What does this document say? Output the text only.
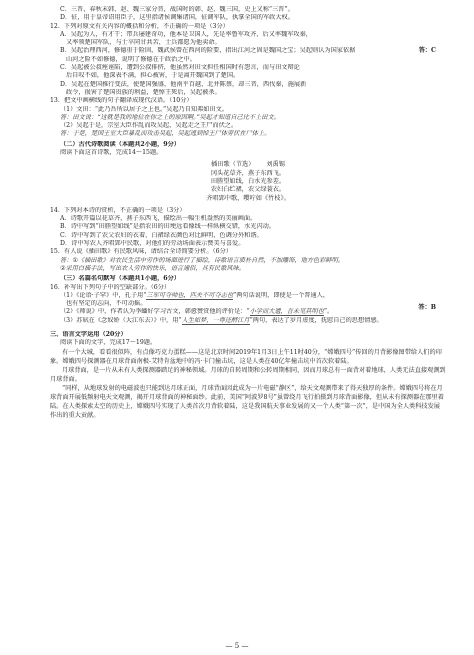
C．三晋，春秋末韩、赵、魏三家分晋，战国时的韩、赵、魏三国，史上又称“三晋”。

D．征，用于皇帝诏用臣子，这里指诸侯调集诸国，征调军队，执掌全国的军政大权。

12．下列对原文有关内容的概括和分析，不正确的一项是（3分）

答：C

A．吴起为人，有才干；带兵屡建奇功，他本是卫国人，先是率鲁军攻齐，后又率魏军攻秦，

又率领楚国军队，与士卒同甘共苦，士兵都愿为他卖命。

B．吴起治理西河，修德重于险固，魏武侯曾在西河的险要，指出江河之固是魏国之宝；吴起则认为国家依据

山河之险不如修德，说明了修德在于政治之中。

C．吴起被公叔痤诬陷，遭到公叔排挤，他虽然对田文担任相国时有怨言，而与田文辩论

后自叹不如，他深表不满，担心被害，于是离开魏国到了楚国。

D．吴起在楚国推行变法，使楚国强盛，他南平百越，北并陈蔡，却三晋，西伐秦，施展新

政令，损害了楚国贵族的利益，楚悼王死后，吴起被杀。

13．把文中画横线的句子翻译成现代汉语。（10分）

（1）文田：“此乃吾所以居子之上也。”吴起乃自知弗如田文。

答：田文说：“这就是我的地位在你之上的原因啊。”吴起才知道自己比不上田文。

（2）吴起于是，宗室大臣作乱而攻吴起，吴起走之王尸而伏之。

答：于是，楚国王室大臣暴乱而攻击吴起，吴起逃到悼王尸体旁伏在尸体上。

（二）古代诗歌阅读（本题共2小题，9分）

阅读下面这首诗歌，完成14～15题。

插田歌（节选） 刘禹锡

冈头花草齐，燕子东西飞。

田塍望如线，白水光参差。

农妇白纻裙，农父绿蓑衣。

齐唱郢中歌，嘤咛如《竹枝》。

14．下列对本诗的赏析，不正确的一项是（3分）

答：B

A．诗歌开篇以花草齐，燕子东西飞，描绘出一幅生机盎然的美丽画面。

B．诗中写到“田塍望如线”是指农田的田埂远看像线一样纵横交错，水光闪动。

C．诗中写到了农父农妇的衣着，白裙绿衣颜色对比鲜明，色调分外和谐。

D．诗中写农人齐唱郢中民歌，对他们的劳动场面表示赞美与喜爱。

15．有人说《插田歌》有民歌风味，请结合全诗简要分析。（6分）

答：①《插田歌》对农民生活中劳作的场面进行了描绘，诗歌语言质朴自然，不加雕饰，地方色彩鲜明。

②采用白描手法，写出农人劳作的快乐，语言通俗，具有民歌风味。

（三）名篇名句默写（本题共1小题，6分）

16．补写出下列句子中的空缺部分。（6分）

（1）《论语·子罕》中，孔子用“三军可夺帅也，匹夫不可夺志也”两句话说明，即使是一个普通人，

也有坚定的志向，不可动摇。

（2）《师说》中，作者认为李蟠好学习古文，韩愈赞赏他的评价是：“小学而大遗，吾未见其明也”。

（3）苏轼在《念奴娇（大江东去）》中，用“人生如梦，一尊还酹江月”两句，表达了岁月虚度，抚慰自己的思想情感。

三、语言文字运用（20分）

阅读下面的文字，完成17～19题。

有一个大城，看看很似阵，有点像巧克力蛋糕——这是北京时间2019年1月3日上午11时40分，“嫦娥四号”传回的月背影像图带给人们的印象。嫦娥四号探测器在月球背面南极-艾特肯盆地中的冯·卡门撞击坑，这是人类在40亿年撞击坑中首次软着陆。

月球背面，是一片从未有人类探测器踏足的神秘领域。月球的自转周期和公转周期相同，因而月球总有一面背对着地球，人类无法直接观测到月球背面。

“同样，从地球发射的电磁波也只能到达月球正面，月球背面因此成为一片电磁“静区”，给天文观测带来了得天独厚的条件。嫦娥四号将在月球背面开展低频射电天文观测，揭开月球背面的神秘面纱。此前，美国“阿波罗8号”虽曾绕月飞行拍摄到月球背面影像，但从未有探测器在那里着陆。在人类探索太空的历史上，嫦娥四号实现了人类首次月背软着陆，这是我国航天事业发展的又一个人类“第一次”，是中国为全人类科技发展作出的重大贡献。

— 5 —
